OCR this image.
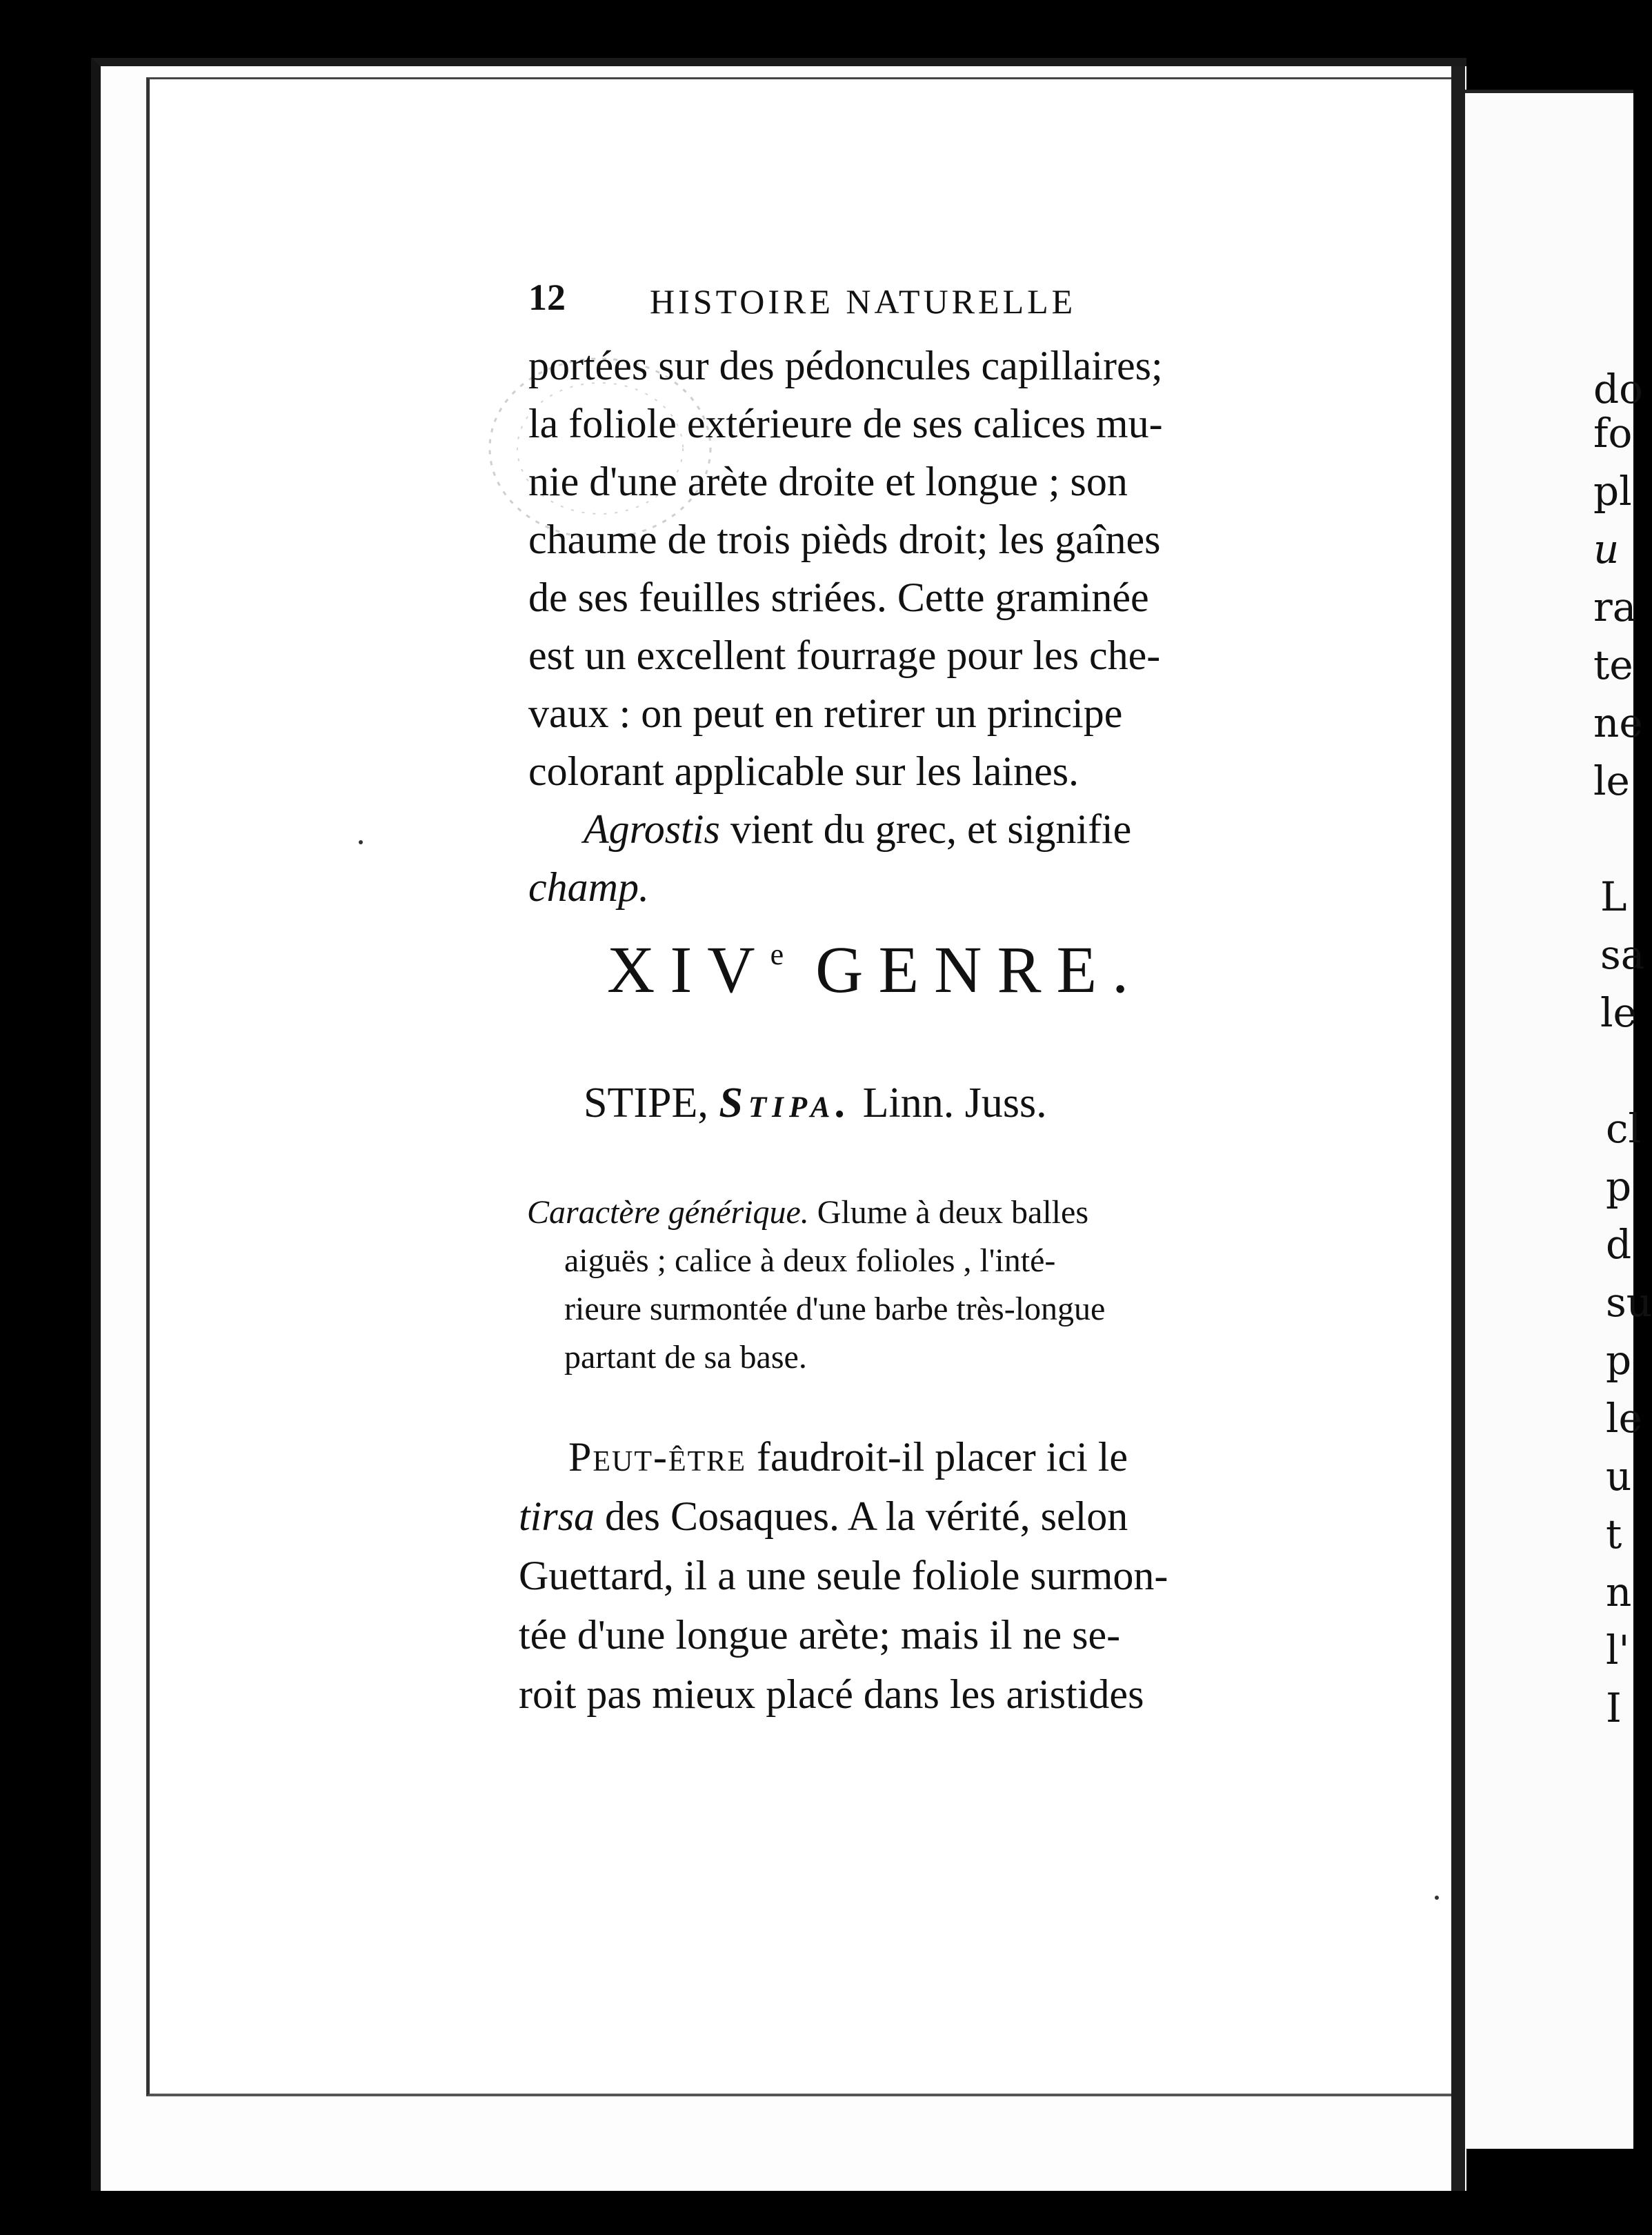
12 HISTOIRE NATURELLE
portées sur des pédoncules capillaires;
la foliole extérieure de ses calices mu-
nie d'une arète droite et longue ; son
chaume de trois pièds droit; les gaînes
de ses feuilles striées. Cette graminée
est un excellent fourrage pour les che-
vaux : on peut en retirer un principe
colorant applicable sur les laines.
Agrostis vient du grec, et signifie
champ.
XIVe GENRE.
STIPE, Stipa. Linn. Juss.
Caractère générique. Glume à deux balles
aiguës ; calice à deux folioles , l'inté-
rieure surmontée d'une barbe très-longue
partant de sa base.
Peut-être faudroit-il placer ici le
tirsa des Cosaques. A la vérité, selon
Guettard, il a une seule foliole surmon-
tée d'une longue arète; mais il ne se-
roit pas mieux placé dans les aristides
do
fo
pl
u
ra
te
ne
le
L
sa
le
cl
p
d
su
p
le
u
t
n
l'
I
